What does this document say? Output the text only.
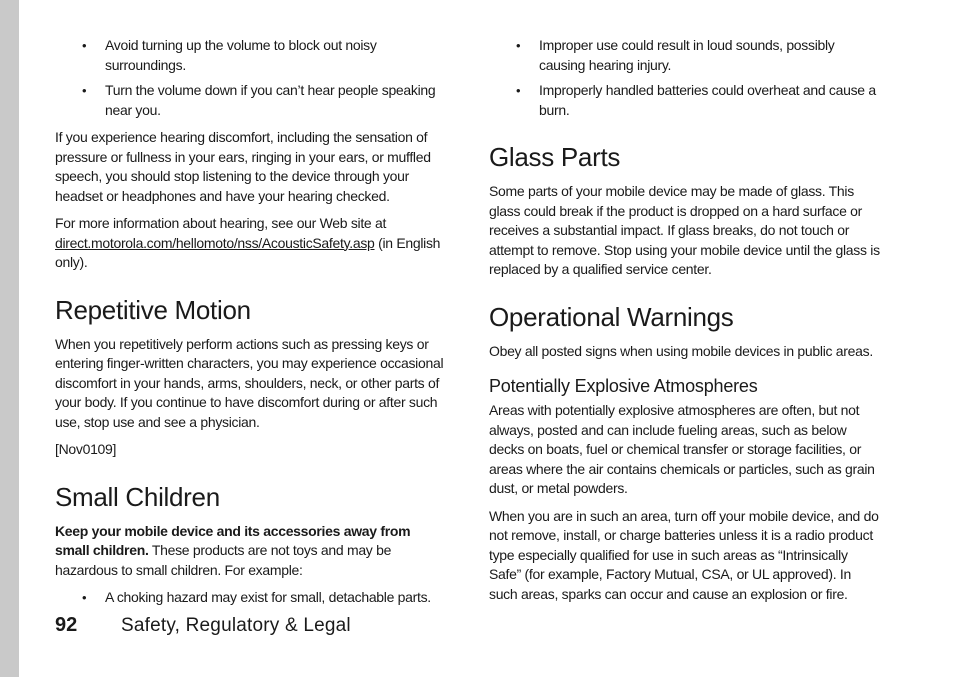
• Avoid turning up the volume to block out noisy surroundings.
• Turn the volume down if you can’t hear people speaking near you.

If you experience hearing discomfort, including the sensation of pressure or fullness in your ears, ringing in your ears, or muffled speech, you should stop listening to the device through your headset or headphones and have your hearing checked.

For more information about hearing, see our Web site at direct.motorola.com/hellomoto/nss/AcousticSafety.asp (in English only).

Repetitive Motion

When you repetitively perform actions such as pressing keys or entering finger-written characters, you may experience occasional discomfort in your hands, arms, shoulders, neck, or other parts of your body. If you continue to have discomfort during or after such use, stop use and see a physician.

[Nov0109]

Small Children

Keep your mobile device and its accessories away from small children. These products are not toys and may be hazardous to small children. For example:

• A choking hazard may exist for small, detachable parts.
• Improper use could result in loud sounds, possibly causing hearing injury.
• Improperly handled batteries could overheat and cause a burn.
Glass Parts

Some parts of your mobile device may be made of glass. This glass could break if the product is dropped on a hard surface or receives a substantial impact. If glass breaks, do not touch or attempt to remove. Stop using your mobile device until the glass is replaced by a qualified service center.

Operational Warnings

Obey all posted signs when using mobile devices in public areas.

Potentially Explosive Atmospheres

Areas with potentially explosive atmospheres are often, but not always, posted and can include fueling areas, such as below decks on boats, fuel or chemical transfer or storage facilities, or areas where the air contains chemicals or particles, such as grain dust, or metal powders.

When you are in such an area, turn off your mobile device, and do not remove, install, or charge batteries unless it is a radio product type especially qualified for use in such areas as “Intrinsically Safe” (for example, Factory Mutual, CSA, or UL approved). In such areas, sparks can occur and cause an explosion or fire.

92	Safety, Regulatory & Legal
